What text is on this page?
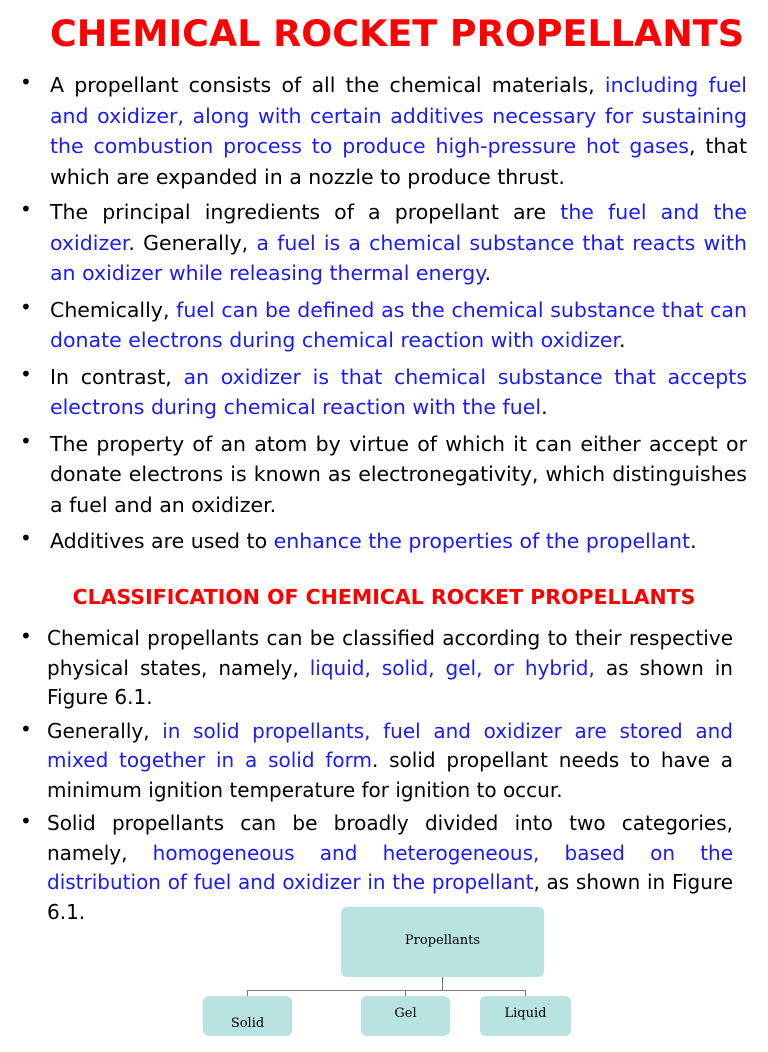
CHEMICAL ROCKET PROPELLANTS
• A propellant consists of all the chemical materials, including fuel and oxidizer, along with certain additives necessary for sustaining the combustion process to produce high-pressure hot gases, that which are expanded in a nozzle to produce thrust.
• The principal ingredients of a propellant are the fuel and the oxidizer. Generally, a fuel is a chemical substance that reacts with an oxidizer while releasing thermal energy.
• Chemically, fuel can be defined as the chemical substance that can donate electrons during chemical reaction with oxidizer.
• In contrast, an oxidizer is that chemical substance that accepts electrons during chemical reaction with the fuel.
• The property of an atom by virtue of which it can either accept or donate electrons is known as electronegativity, which distinguishes a fuel and an oxidizer.
• Additives are used to enhance the properties of the propellant.
CLASSIFICATION OF CHEMICAL ROCKET PROPELLANTS
• Chemical propellants can be classified according to their respective physical states, namely, liquid, solid, gel, or hybrid, as shown in Figure 6.1.
• Generally, in solid propellants, fuel and oxidizer are stored and mixed together in a solid form. solid propellant needs to have a minimum ignition temperature for ignition to occur.
• Solid propellants can be broadly divided into two categories, namely, homogeneous and heterogeneous, based on the distribution of fuel and oxidizer in the propellant, as shown in Figure 6.1.
Propellants
Solid
Gel	Liquid
